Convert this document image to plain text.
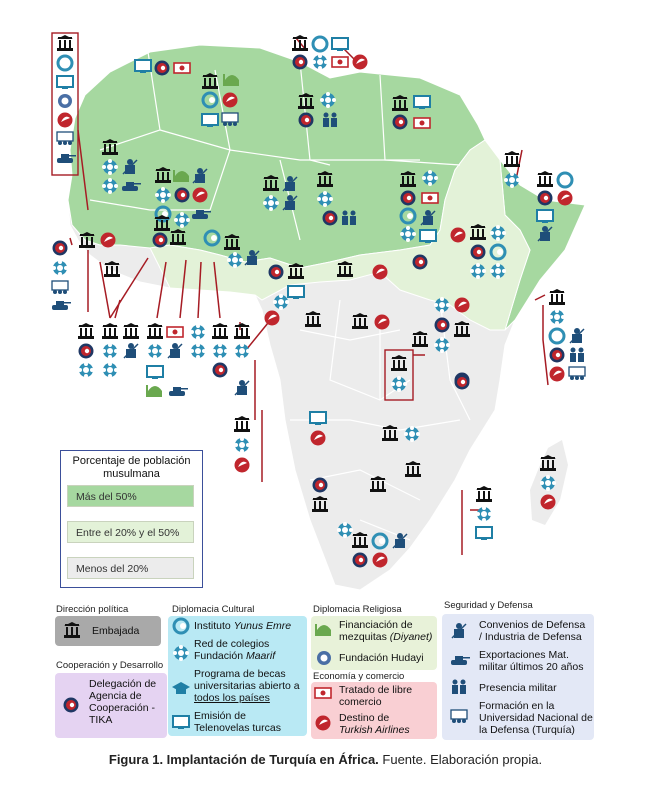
Porcentaje de población musulmana
Más del 50%
Entre el 20% y el 50%
Menos del 20%
Dirección política
Embajada
Cooperación y Desarrollo
Delegación de Agencia de Cooperación - TIKA
Diplomacia Cultural
Instituto Yunus Emre
Red de colegios
Fundación Maarif
Programa de becas
universitarias abierto a
todos los países
Emisión de
Telenovelas turcas
Diplomacia Religiosa
Financiación de
mezquitas (Diyanet)
Fundación Hudayi
Economía y comercio
Tratado de libre
comercio
Destino de
Turkish Airlines
Seguridad y Defensa
Convenios de Defensa
/ Industria de Defensa
Exportaciones Mat.
militar últimos 20 años
Presencia militar
Formación en la
Universidad Nacional de
la Defensa (Turquía)
Figura 1. Implantación de Turquía en África. Fuente. Elaboración propia.
